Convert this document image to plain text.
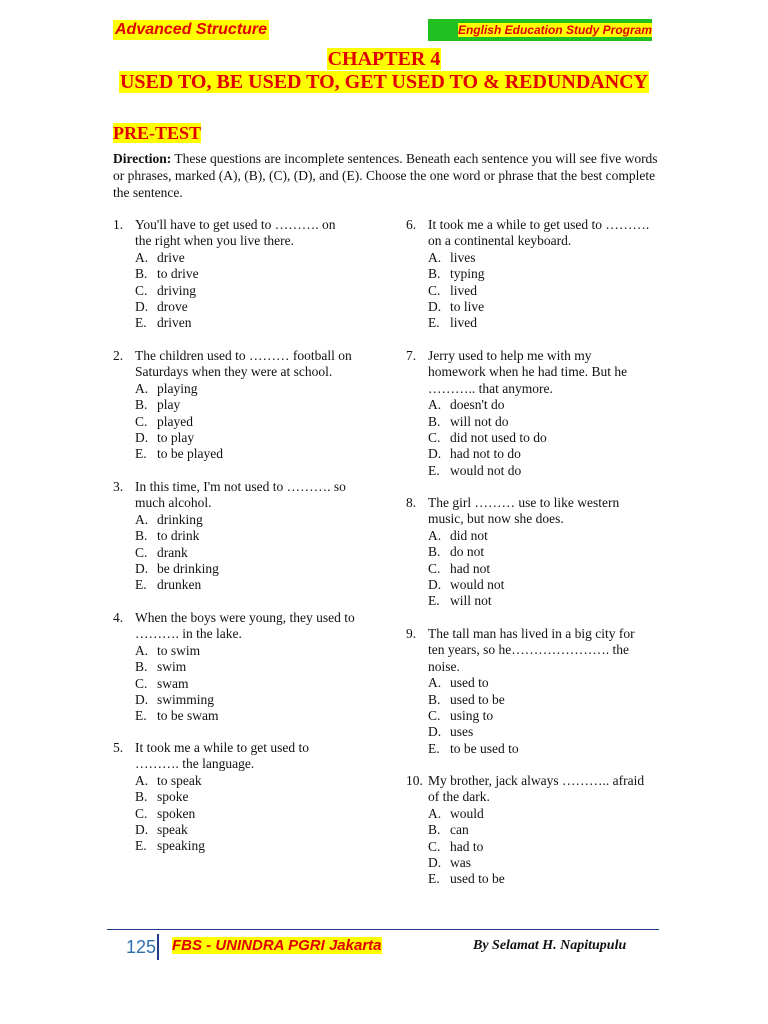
Advanced Structure	English Education Study Program
CHAPTER 4
USED TO, BE USED TO, GET USED TO & REDUNDANCY
PRE-TEST
Direction: These questions are incomplete sentences. Beneath each sentence you will see five words or phrases, marked (A), (B), (C), (D), and (E). Choose the one word or phrase that the best complete the sentence.
1. You'll have to get used to ………. on
the right when you live there.
A. drive
B. to drive
C. driving
D. drove
E. driven
2. The children used to ……… football on
Saturdays when they were at school.
A. playing
B. play
C. played
D. to play
E. to be played
3. In this time, I'm not used to ………. so
much alcohol.
A. drinking
B. to drink
C. drank
D. be drinking
E. drunken
4. When the boys were young, they used to
………. in the lake.
A. to swim
B. swim
C. swam
D. swimming
E. to be swam
5. It took me a while to get used to
………. the language.
A. to speak
B. spoke
C. spoken
D. speak
E. speaking
6. It took me a while to get used to ……….
on a continental keyboard.
A. lives
B. typing
C. lived
D. to live
E. lived
7. Jerry used to help me with my
homework when he had time. But he
……….. that anymore.
A. doesn't do
B. will not do
C. did not used to do
D. had not to do
E. would not do
8. The girl ……… use to like western
music, but now she does.
A. did not
B. do not
C. had not
D. would not
E. will not
9. The tall man has lived in a big city for
ten years, so he…………………. the
noise.
A. used to
B. used to be
C. using to
D. uses
E. to be used to
10. My brother, jack always ……….. afraid
of the dark.
A. would
B. can
C. had to
D. was
E. used to be
125 FBS - UNINDRA PGRI Jakarta	By Selamat H. Napitupulu
